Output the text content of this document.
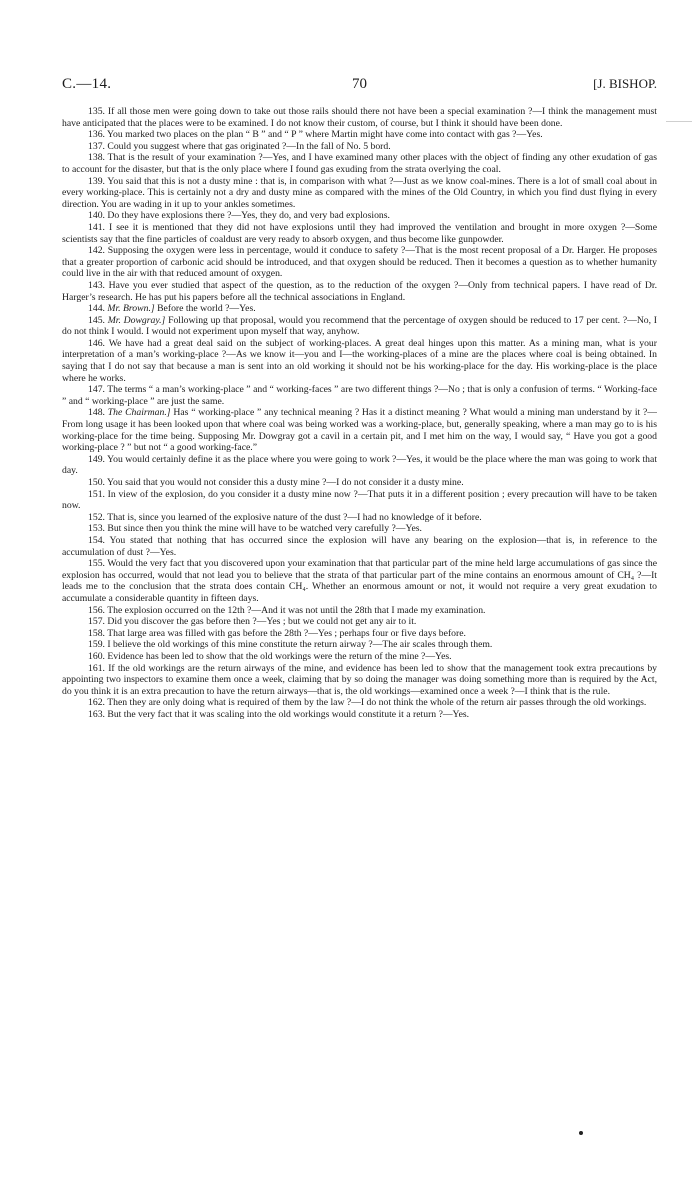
C.—14.	70	[J. BISHOP.

135. If all those men were going down to take out those rails should there not have been a special examination ?—I think the management must have anticipated that the places were to be examined. I do not know their custom, of course, but I think it should have been done.

136. You marked two places on the plan “ B ” and “ P ” where Martin might have come into contact with gas ?—Yes.

137. Could you suggest where that gas originated ?—In the fall of No. 5 bord.

138. That is the result of your examination ?—Yes, and I have examined many other places with the object of finding any other exudation of gas to account for the disaster, but that is the only place where I found gas exuding from the strata overlying the coal.

139. You said that this is not a dusty mine : that is, in comparison with what ?—Just as we know coal-mines. There is a lot of small coal about in every working-place. This is certainly not a dry and dusty mine as compared with the mines of the Old Country, in which you find dust flying in every direction. You are wading in it up to your ankles sometimes.

140. Do they have explosions there ?—Yes, they do, and very bad explosions.

141. I see it is mentioned that they did not have explosions until they had improved the ventilation and brought in more oxygen ?—Some scientists say that the fine particles of coaldust are very ready to absorb oxygen, and thus become like gunpowder.

142. Supposing the oxygen were less in percentage, would it conduce to safety ?—That is the most recent proposal of a Dr. Harger. He proposes that a greater proportion of carbonic acid should be introduced, and that oxygen should be reduced. Then it becomes a question as to whether humanity could live in the air with that reduced amount of oxygen.

143. Have you ever studied that aspect of the question, as to the reduction of the oxygen ?—Only from technical papers. I have read of Dr. Harger’s research. He has put his papers before all the technical associations in England.

144. Mr. Brown.] Before the world ?—Yes.

145. Mr. Dowgray.] Following up that proposal, would you recommend that the percentage of oxygen should be reduced to 17 per cent. ?—No, I do not think I would. I would not experiment upon myself that way, anyhow.

146. We have had a great deal said on the subject of working-places. A great deal hinges upon this matter. As a mining man, what is your interpretation of a man’s working-place ?—As we know it—you and I—the working-places of a mine are the places where coal is being obtained. In saying that I do not say that because a man is sent into an old working it should not be his working-place for the day. His working-place is the place where he works.

147. The terms “ a man’s working-place ” and “ working-faces ” are two different things ?—No ; that is only a confusion of terms. “ Working-face ” and “ working-place ” are just the same.

148. The Chairman.] Has “ working-place ” any technical meaning ? Has it a distinct meaning ? What would a mining man understand by it ?—From long usage it has been looked upon that where coal was being worked was a working-place, but, generally speaking, where a man may go to is his working-place for the time being. Supposing Mr. Dowgray got a cavil in a certain pit, and I met him on the way, I would say, “ Have you got a good working-place ? ” but not “ a good working-face.”

149. You would certainly define it as the place where you were going to work ?—Yes, it would be the place where the man was going to work that day.

150. You said that you would not consider this a dusty mine ?—I do not consider it a dusty mine.

151. In view of the explosion, do you consider it a dusty mine now ?—That puts it in a different position ; every precaution will have to be taken now.

152. That is, since you learned of the explosive nature of the dust ?—I had no knowledge of it before.

153. But since then you think the mine will have to be watched very carefully ?—Yes.

154. You stated that nothing that has occurred since the explosion will have any bearing on the explosion—that is, in reference to the accumulation of dust ?—Yes.

155. Would the very fact that you discovered upon your examination that that particular part of the mine held large accumulations of gas since the explosion has occurred, would that not lead you to believe that the strata of that particular part of the mine contains an enormous amount of CH₄ ?—It leads me to the conclusion that the strata does contain CH₄. Whether an enormous amount or not, it would not require a very great exudation to accumulate a considerable quantity in fifteen days.

156. The explosion occurred on the 12th ?—And it was not until the 28th that I made my examination.

157. Did you discover the gas before then ?—Yes ; but we could not get any air to it.

158. That large area was filled with gas before the 28th ?—Yes ; perhaps four or five days before.

159. I believe the old workings of this mine constitute the return airway ?—The air scales through them.

160. Evidence has been led to show that the old workings were the return of the mine ?—Yes.

161. If the old workings are the return airways of the mine, and evidence has been led to show that the management took extra precautions by appointing two inspectors to examine them once a week, claiming that by so doing the manager was doing something more than is required by the Act, do you think it is an extra precaution to have the return airways—that is, the old workings—examined once a week ?—I think that is the rule.

162. Then they are only doing what is required of them by the law ?—I do not think the whole of the return air passes through the old workings.

163. But the very fact that it was scaling into the old workings would constitute it a return ?—Yes.
